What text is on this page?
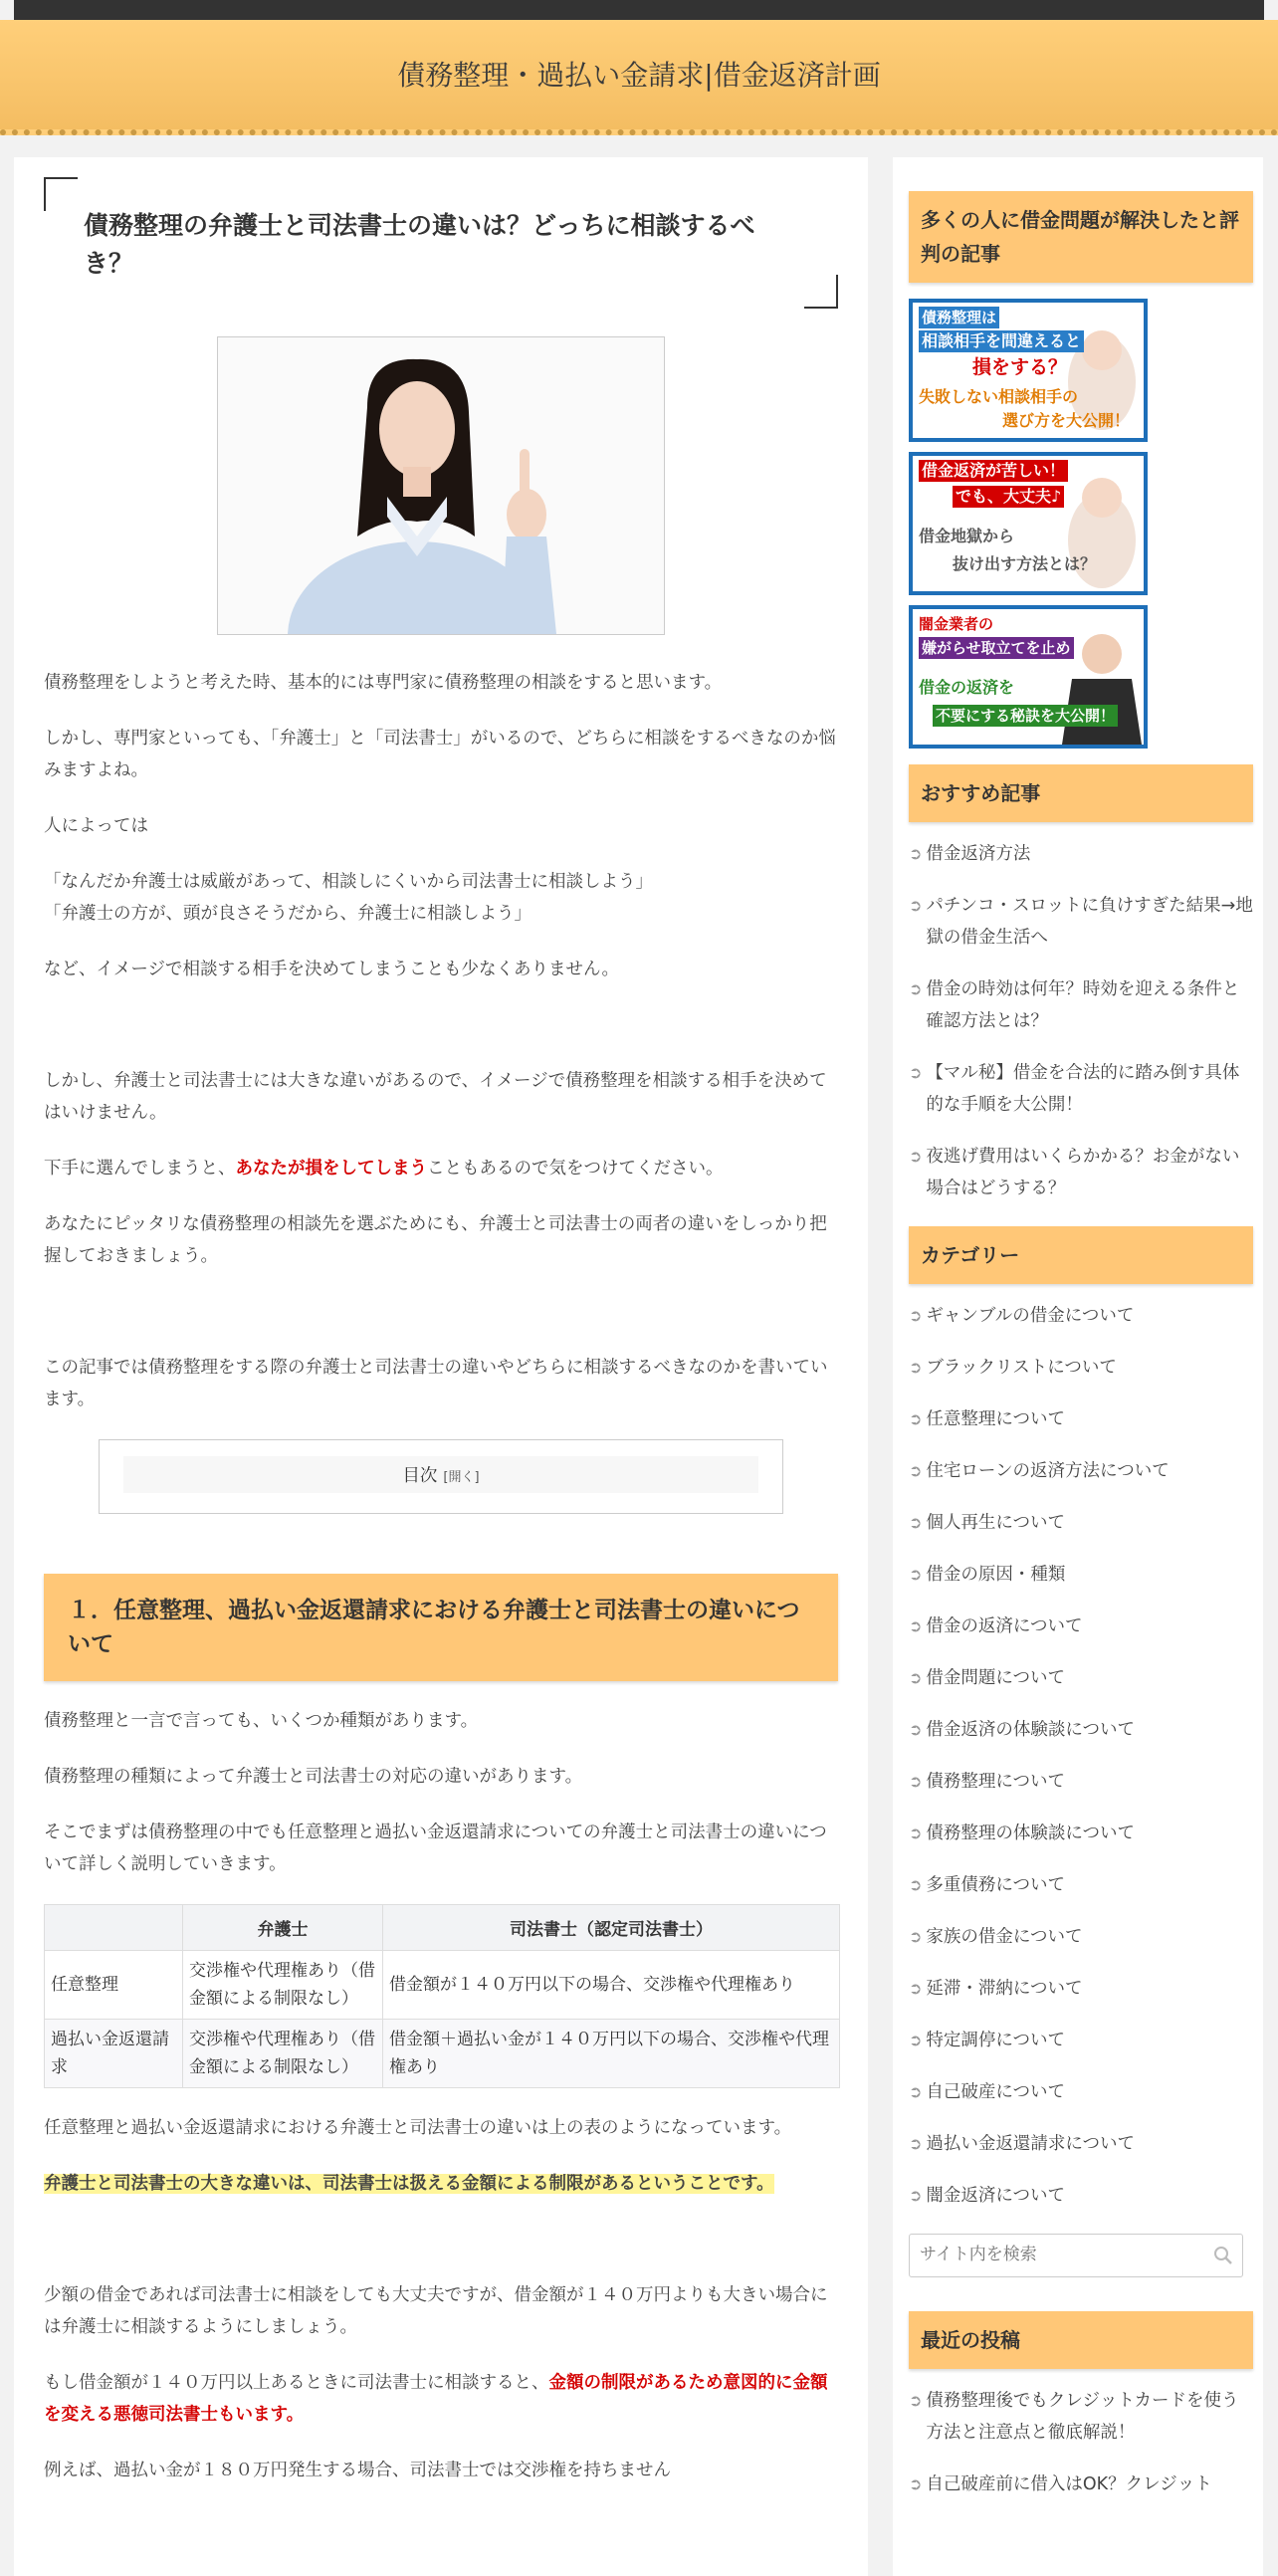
債務整理・過払い金請求|借金返済計画
債務整理の弁護士と司法書士の違いは？どっちに相談するべき？

債務整理をしようと考えた時、基本的には専門家に債務整理の相談をすると思います。

しかし、専門家といっても、「弁護士」と「司法書士」がいるので、どちらに相談をするべきなのか悩みますよね。

人によっては

「なんだか弁護士は威厳があって、相談しにくいから司法書士に相談しよう」
「弁護士の方が、頭が良さそうだから、弁護士に相談しよう」

など、イメージで相談する相手を決めてしまうことも少なくありません。

しかし、弁護士と司法書士には大きな違いがあるので、イメージで債務整理を相談する相手を決めてはいけません。

下手に選んでしまうと、あなたが損をしてしまうこともあるので気をつけてください。

あなたにピッタリな債務整理の相談先を選ぶためにも、弁護士と司法書士の両者の違いをしっかり把握しておきましょう。

この記事では債務整理をする際の弁護士と司法書士の違いやどちらに相談するべきなのかを書いています。

目次 [開く]
１．任意整理、過払い金返還請求における弁護士と司法書士の違いについて

債務整理と一言で言っても、いくつか種類があります。

債務整理の種類によって弁護士と司法書士の対応の違いがあります。

そこでまずは債務整理の中でも任意整理と過払い金返還請求についての弁護士と司法書士の違いについて詳しく説明していきます。

	弁護士	司法書士（認定司法書士）
任意整理	交渉権や代理権あり（借金額による制限なし）	借金額が１４０万円以下の場合、交渉権や代理権あり
過払い金返還請求	交渉権や代理権あり（借金額による制限なし）	借金額＋過払い金が１４０万円以下の場合、交渉権や代理権あり

任意整理と過払い金返還請求における弁護士と司法書士の違いは上の表のようになっています。

弁護士と司法書士の大きな違いは、司法書士は扱える金額による制限があるということです。

少額の借金であれば司法書士に相談をしても大丈夫ですが、借金額が１４０万円よりも大きい場合には弁護士に相談するようにしましょう。

もし借金額が１４０万円以上あるときに司法書士に相談すると、金額の制限があるため意図的に金額を変える悪徳司法書士もいます。

例えば、過払い金が１８０万円発生する場合、司法書士では交渉権を持ちません

多くの人に借金問題が解決したと評判の記事
債務整理は
相談相手を間違えると
損をする？
失敗しない相談相手の
選び方を大公開！
借金返済が苦しい！
でも、大丈夫♪
借金地獄から
抜け出す方法とは？
闇金業者の
嫌がらせ取立てを止め
借金の返済を
不要にする秘訣を大公開！
おすすめ記事
➲ 借金返済方法
➲ パチンコ・スロットに負けすぎた結果→地獄の借金生活へ
➲ 借金の時効は何年？時効を迎える条件と確認方法とは？
➲ 【マル秘】借金を合法的に踏み倒す具体的な手順を大公開！
➲ 夜逃げ費用はいくらかかる？お金がない場合はどうする？
カテゴリー
➲ ギャンブルの借金について
➲ ブラックリストについて
➲ 任意整理について
➲ 住宅ローンの返済方法について
➲ 個人再生について
➲ 借金の原因・種類
➲ 借金の返済について
➲ 借金問題について
➲ 借金返済の体験談について
➲ 債務整理について
➲ 債務整理の体験談について
➲ 多重債務について
➲ 家族の借金について
➲ 延滞・滞納について
➲ 特定調停について
➲ 自己破産について
➲ 過払い金返還請求について
➲ 闇金返済について
サイト内を検索
最近の投稿
➲ 債務整理後でもクレジットカードを使う方法と注意点と徹底解説！
➲ 自己破産前に借入はOK？クレジット
